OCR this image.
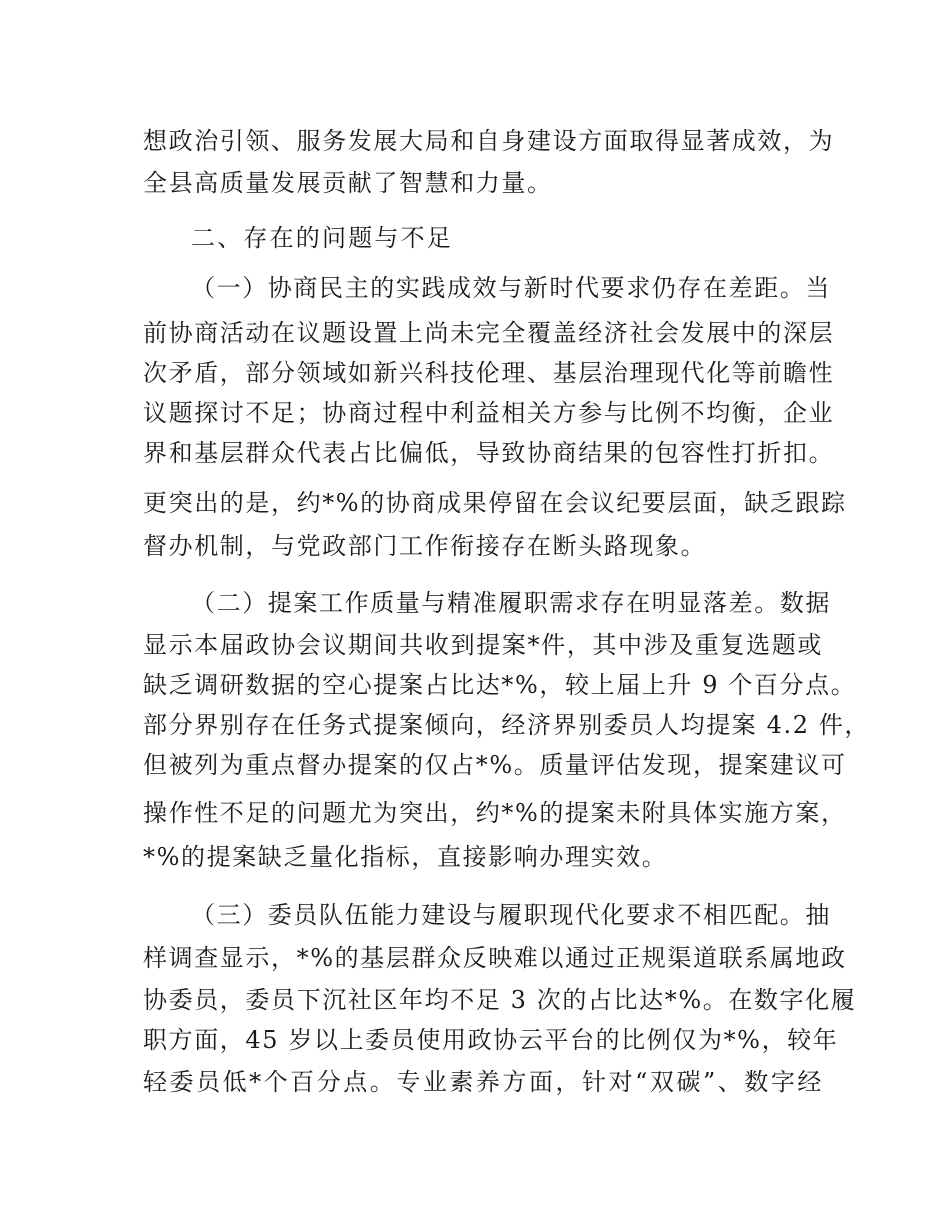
想政治引领、服务发展大局和自身建设方面取得显著成效，为
全县高质量发展贡献了智慧和力量。
二、存在的问题与不足
（一）协商民主的实践成效与新时代要求仍存在差距。当
前协商活动在议题设置上尚未完全覆盖经济社会发展中的深层
次矛盾，部分领域如新兴科技伦理、基层治理现代化等前瞻性
议题探讨不足；协商过程中利益相关方参与比例不均衡，企业
界和基层群众代表占比偏低，导致协商结果的包容性打折扣。
更突出的是，约*%的协商成果停留在会议纪要层面，缺乏跟踪
督办机制，与党政部门工作衔接存在断头路现象。
（二）提案工作质量与精准履职需求存在明显落差。数据
显示本届政协会议期间共收到提案*件，其中涉及重复选题或
缺乏调研数据的空心提案占比达*%，较上届上升 9 个百分点。
部分界别存在任务式提案倾向，经济界别委员人均提案 4.2 件，
但被列为重点督办提案的仅占*%。质量评估发现，提案建议可
操作性不足的问题尤为突出，约*%的提案未附具体实施方案，
*%的提案缺乏量化指标，直接影响办理实效。
（三）委员队伍能力建设与履职现代化要求不相匹配。抽
样调查显示，*%的基层群众反映难以通过正规渠道联系属地政
协委员，委员下沉社区年均不足 3 次的占比达*%。在数字化履
职方面，45 岁以上委员使用政协云平台的比例仅为*%，较年
轻委员低*个百分点。专业素养方面，针对“双碳”、数字经
